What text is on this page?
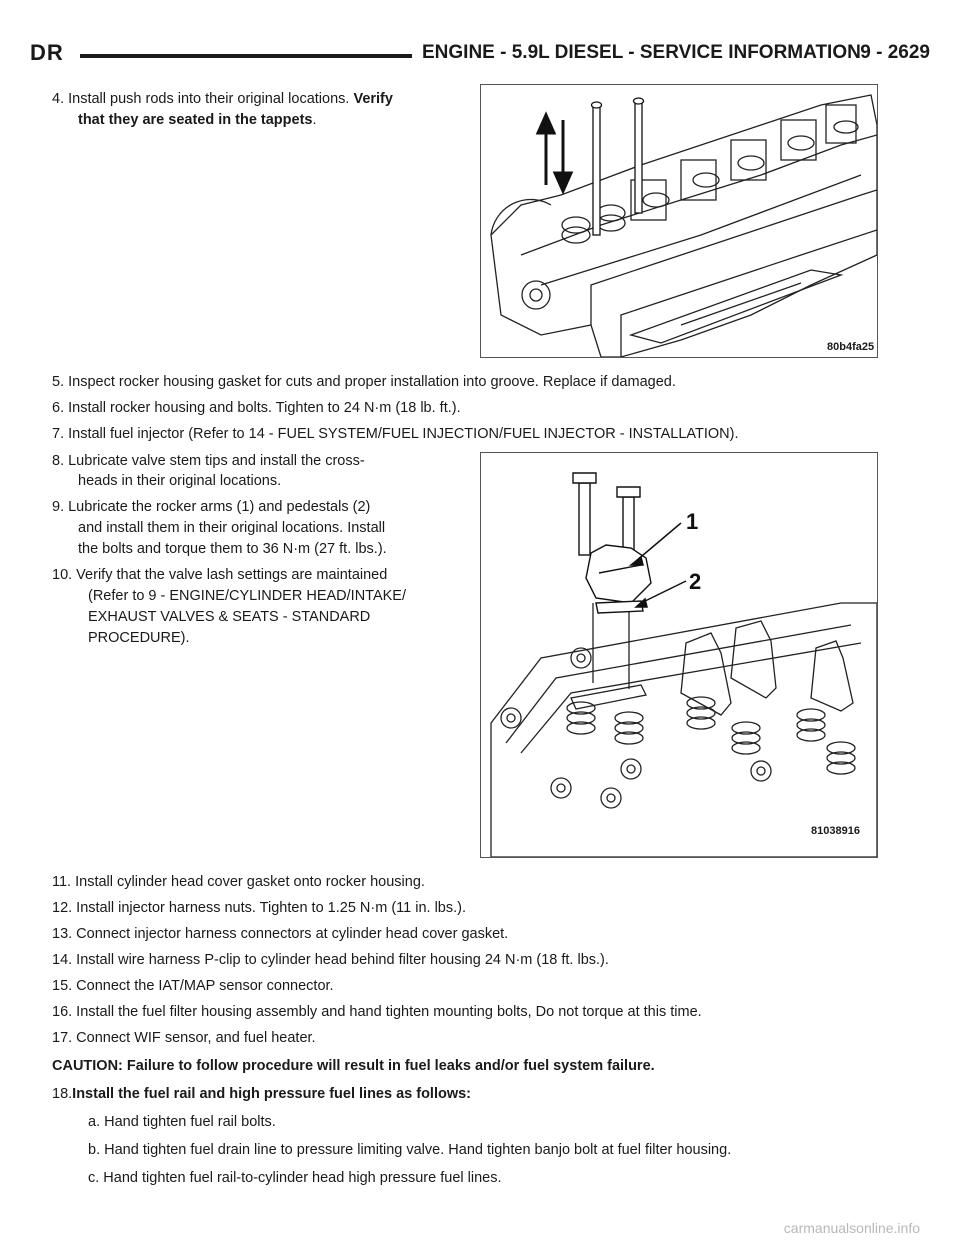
DR	ENGINE - 5.9L DIESEL - SERVICE INFORMATION 9 - 2629

4. Install push rods into their original locations. Verify

that they are seated in the tappets.

80b4fa25

5. Inspect rocker housing gasket for cuts and proper installation into groove. Replace if damaged.

6. Install rocker housing and bolts. Tighten to 24 N·m (18 lb. ft.).

7. Install fuel injector (Refer to 14 - FUEL SYSTEM/FUEL INJECTION/FUEL INJECTOR - INSTALLATION).

8. Lubricate valve stem tips and install the cross-

heads in their original locations.

9. Lubricate the rocker arms (1) and pedestals (2)

and install them in their original locations. Install

the bolts and torque them to 36 N·m (27 ft. lbs.).

10. Verify that the valve lash settings are maintained

(Refer to 9 - ENGINE/CYLINDER HEAD/INTAKE/

EXHAUST VALVES & SEATS - STANDARD

PROCEDURE).

1
2
81038916

11. Install cylinder head cover gasket onto rocker housing.

12. Install injector harness nuts. Tighten to 1.25 N·m (11 in. lbs.).

13. Connect injector harness connectors at cylinder head cover gasket.

14. Install wire harness P-clip to cylinder head behind filter housing 24 N·m (18 ft. lbs.).

15. Connect the IAT/MAP sensor connector.

16. Install the fuel filter housing assembly and hand tighten mounting bolts, Do not torque at this time.

17. Connect WIF sensor, and fuel heater.

CAUTION: Failure to follow procedure will result in fuel leaks and/or fuel system failure.

18.Install the fuel rail and high pressure fuel lines as follows:

a. Hand tighten fuel rail bolts.

b. Hand tighten fuel drain line to pressure limiting valve. Hand tighten banjo bolt at fuel filter housing.

c. Hand tighten fuel rail-to-cylinder head high pressure fuel lines.

carmanualsonline.info
